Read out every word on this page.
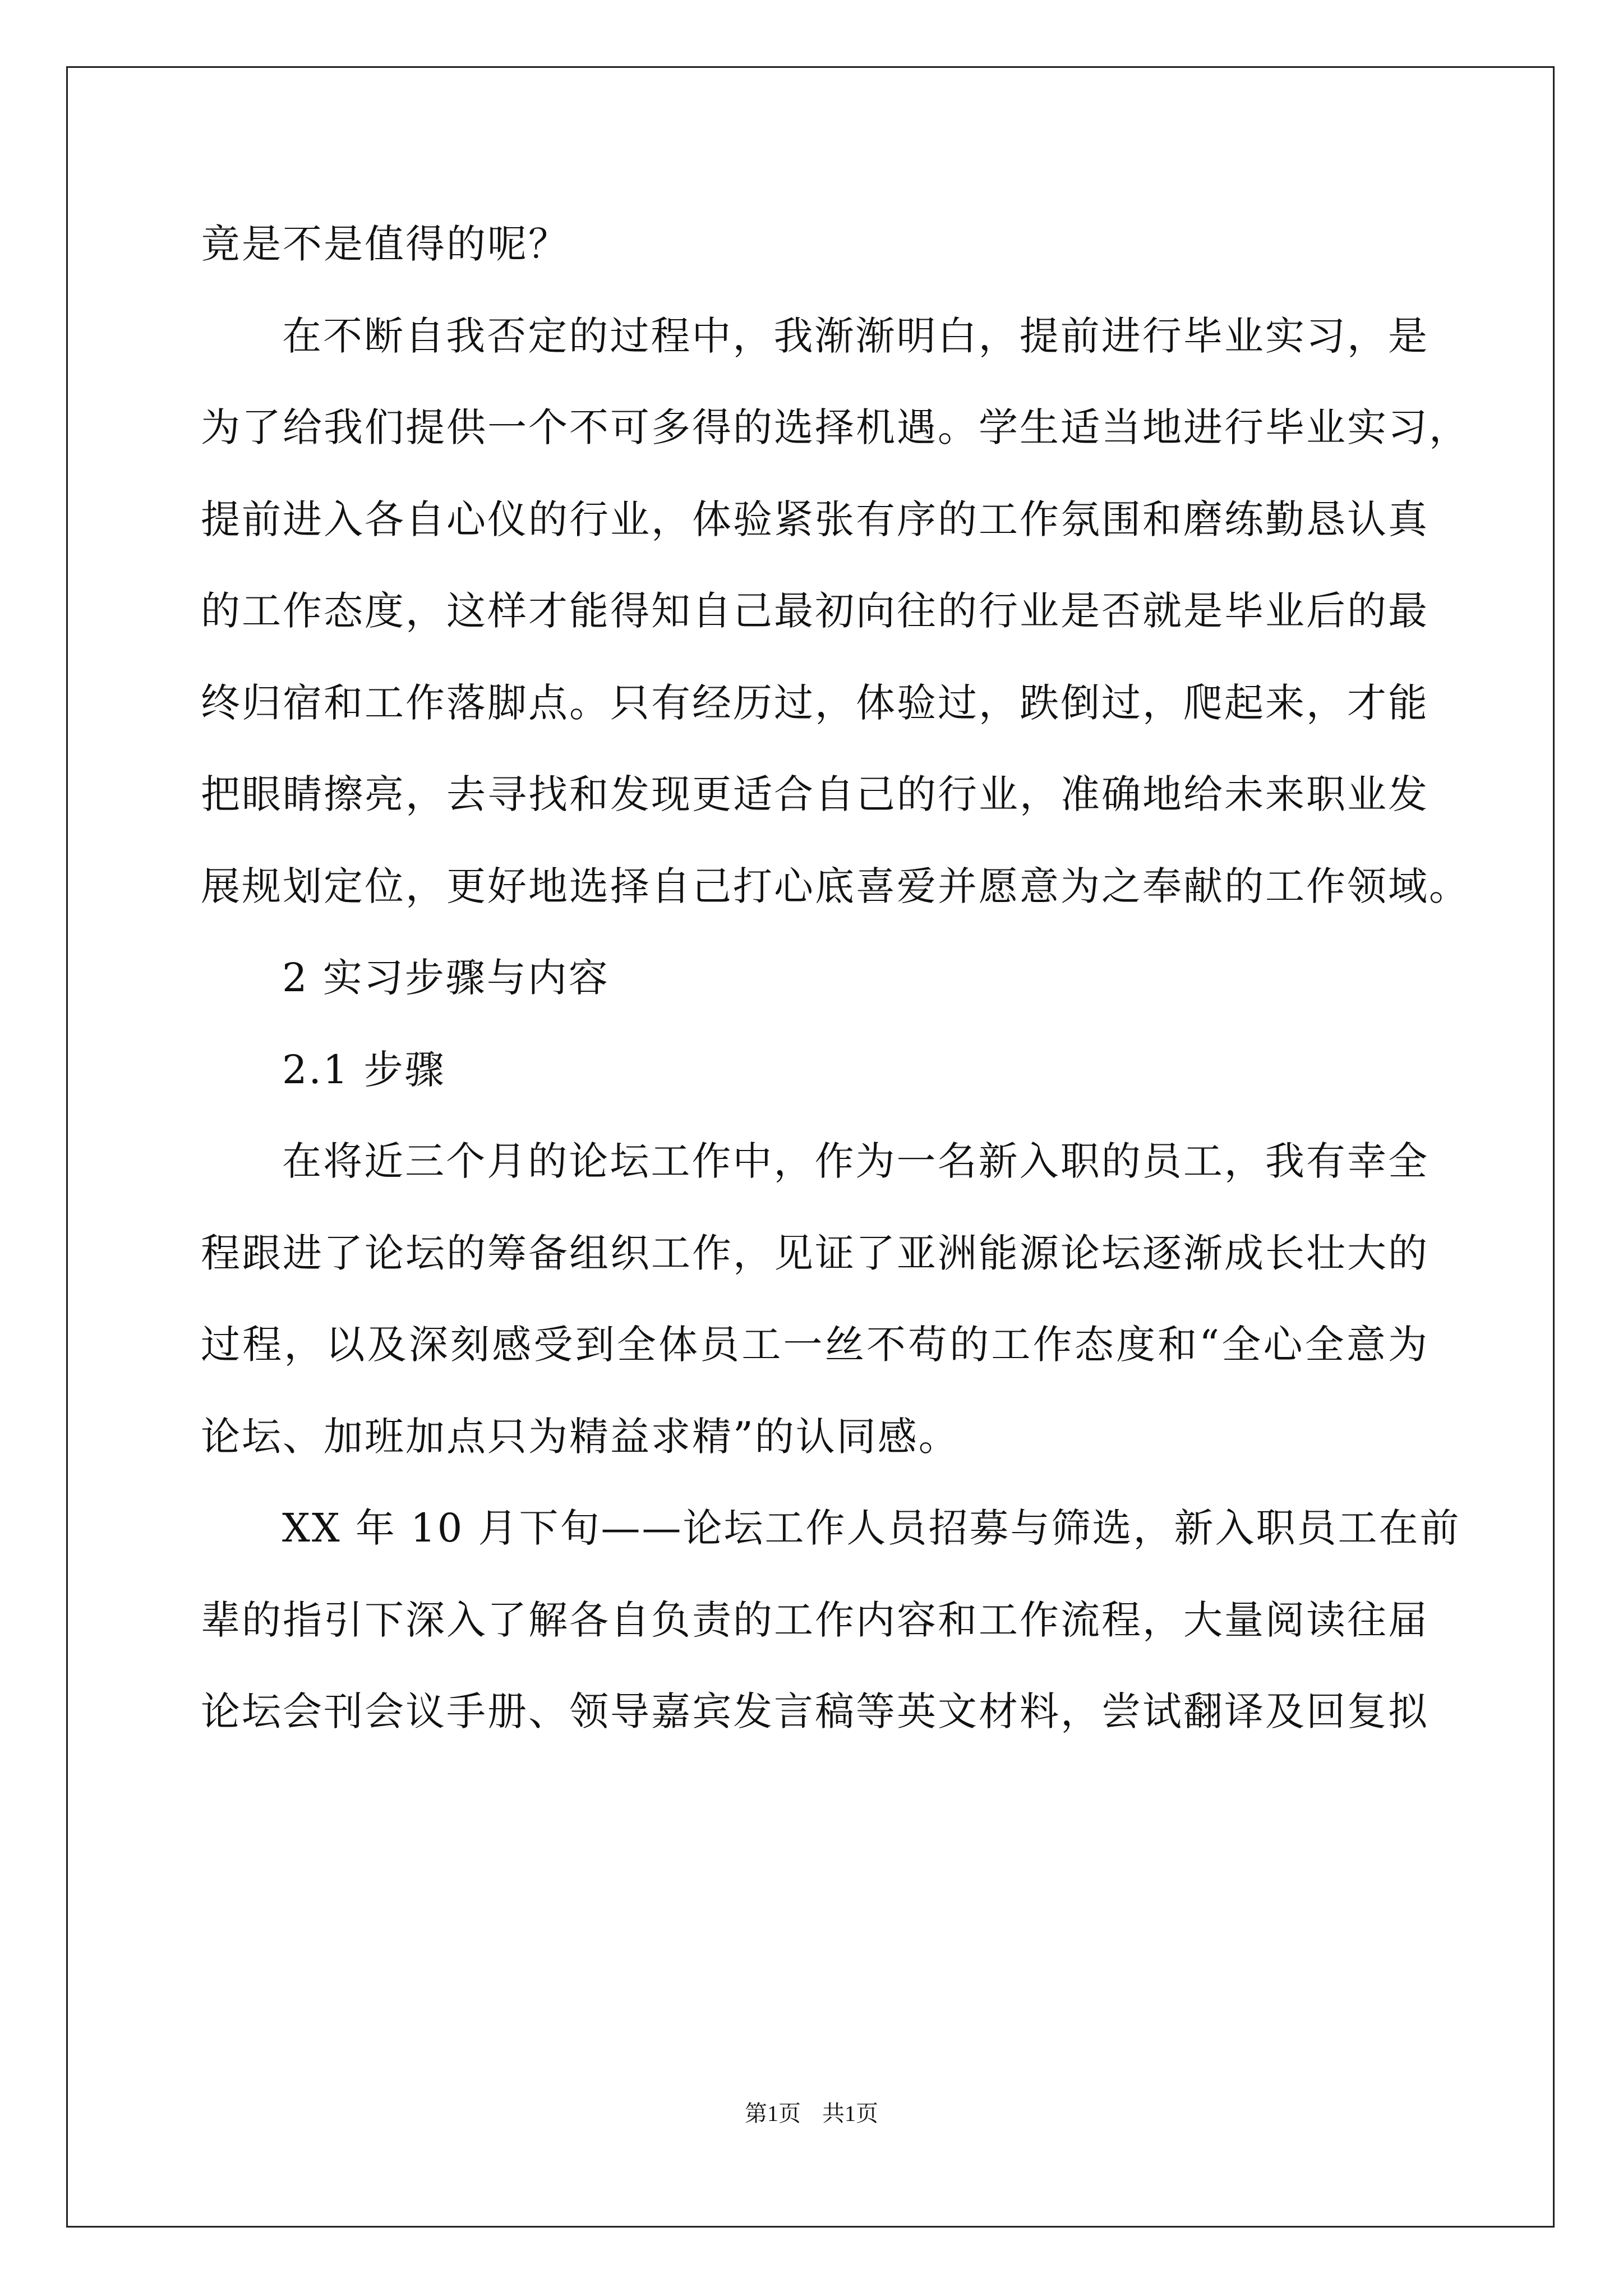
竟是不是值得的呢？
在不断自我否定的过程中，我渐渐明白，提前进行毕业实习，是
为了给我们提供一个不可多得的选择机遇。学生适当地进行毕业实习，
提前进入各自心仪的行业，体验紧张有序的工作氛围和磨练勤恳认真
的工作态度，这样才能得知自己最初向往的行业是否就是毕业后的最
终归宿和工作落脚点。只有经历过，体验过，跌倒过，爬起来，才能
把眼睛擦亮，去寻找和发现更适合自己的行业，准确地给未来职业发
展规划定位，更好地选择自己打心底喜爱并愿意为之奉献的工作领域。
2 实习步骤与内容
2.1 步骤
在将近三个月的论坛工作中，作为一名新入职的员工，我有幸全
程跟进了论坛的筹备组织工作，见证了亚洲能源论坛逐渐成长壮大的
过程，以及深刻感受到全体员工一丝不苟的工作态度和“全心全意为
论坛、加班加点只为精益求精”的认同感。
XX 年 10 月下旬——论坛工作人员招募与筛选，新入职员工在前
辈的指引下深入了解各自负责的工作内容和工作流程，大量阅读往届
论坛会刊会议手册、领导嘉宾发言稿等英文材料，尝试翻译及回复拟
第1页 共1页
